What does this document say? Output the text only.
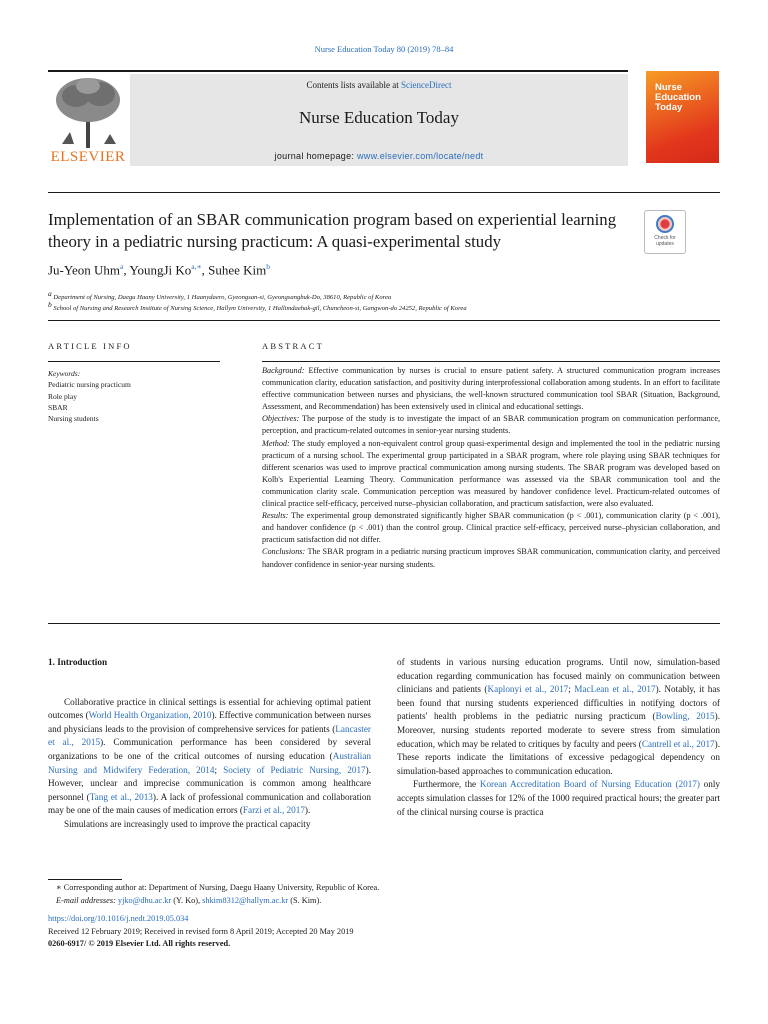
Nurse Education Today 80 (2019) 78–84
ELSEVIER
Contents lists available at ScienceDirect
Nurse Education Today
journal homepage: www.elsevier.com/locate/nedt
Nurse Education Today
Implementation of an SBAR communication program based on experiential learning theory in a pediatric nursing practicum: A quasi-experimental study	Check for
updates
Ju-Yeon Uhm$^a$, YoungJi $Ko^{a,∗}$, Suhee Kim$^b$
$^a$ Department of Nursing, Daegu Haany University, 1 Haanydaero, Gyeongsan-si, Gyeongsangbuk-Do, 38610, Republic of Korea
$^b$ School of Nursing and Research Institute of Nursing Science, Hallym University, 1 Hallimdaehak-gil, Chuncheon-si, Gangwon-do 24252, Republic of Korea
ARTICLE INFO
Keywords:
Pediatric nursing practicum
Role play
SBAR
Nursing students
ABSTRACT

Background: Effective communication by nurses is crucial to ensure patient safety. A structured communication program increases communication clarity, education satisfaction, and positivity during interprofessional collaboration among students. In an effort to facilitate effective communication between nurses and physicians, the well-known structured communication tool SBAR (Situation, Background, Assessment, and Recommendation) has been extensively used in clinical and educational settings.

Objectives: The purpose of the study is to investigate the impact of an SBAR communication program on communication performance, perception, and practicum-related outcomes in senior-year nursing students.

Method: The study employed a non-equivalent control group quasi-experimental design and implemented the tool in the pediatric nursing practicum of a nursing school. The experimental group participated in a SBAR program, where role playing using SBAR techniques for different scenarios was used to improve practical communication among nursing students. The SBAR program was developed based on Kolb's Experiential Learning Theory. Communication performance was assessed via the SBAR communication tool and the communication clarity scale. Communication perception was measured by handover confidence level. Practicum-related outcomes of clinical practice self-efficacy, perceived nurse–physician collaboration, and practicum satisfaction, were also evaluated.

Results: The experimental group demonstrated significantly higher SBAR communication (p < .001), communication clarity (p < .001), and handover confidence (p < .001) than the control group. Clinical practice self-efficacy, perceived nurse–physician collaboration, and practicum satisfaction did not differ.

Conclusions: The SBAR program in a pediatric nursing practicum improves SBAR communication, communication clarity, and perceived handover confidence in senior-year nursing students.

1. Introduction

Collaborative practice in clinical settings is essential for achieving optimal patient outcomes (World Health Organization, 2010). Effective communication between nurses and physicians leads to the provision of comprehensive services for patients (Lancaster et al., 2015). Communication performance has been considered by several organizations to be one of the critical outcomes of nursing education (Australian Nursing and Midwifery Federation, 2014; Society of Pediatric Nursing, 2017). However, unclear and imprecise communication is common among healthcare personnel (Tang et al., 2013). A lack of professional communication and collaboration may be one of the main causes of medication errors (Farzi et al., 2017).

Simulations are increasingly used to improve the practical capacity

of students in various nursing education programs. Until now, simulation-based education regarding communication has focused mainly on communication between clinicians and patients (Kaplonyi et al., 2017; MacLean et al., 2017). Notably, it has been found that nursing students experienced difficulties in notifying doctors of patients' health problems in the pediatric nursing practicum (Bowling, 2015). Moreover, nursing students reported moderate to severe stress from simulation education, which may be related to critiques by faculty and peers (Cantrell et al., 2017). These reports indicate the limitations of excessive pedagogical dependency on simulation-based approaches to communication education.

Furthermore, the Korean Accreditation Board of Nursing Education (2017) only accepts simulation classes for 12% of the 1000 required practical hours; the greater part of the clinical nursing course is practica

∗ Corresponding author at: Department of Nursing, Daegu Haany University, Republic of Korea.
E-mail addresses: yjko@dhu.ac.kr (Y. Ko), shkim8312@hallym.ac.kr (S. Kim).
https://doi.org/10.1016/j.nedt.2019.05.034
Received 12 February 2019; Received in revised form 8 April 2019; Accepted 20 May 2019
0260-6917/ © 2019 Elsevier Ltd. All rights reserved.
